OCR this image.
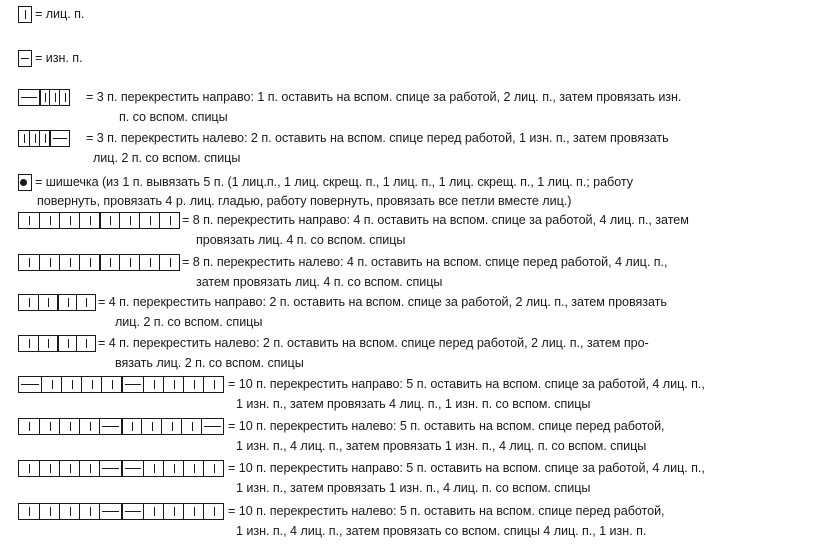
= лиц. п.
= изн. п.
= 3 п. перекрестить направо: 1 п. оставить на вспом. спице за работой, 2 лиц. п., затем провязать изн.
п. со вспом. спицы
= 3 п. перекрестить налево: 2 п. оставить на вспом. спице перед работой, 1 изн. п., затем провязать
лиц. 2 п. со вспом. спицы
= шишечка (из 1 п. вывязать 5 п. (1 лиц.п., 1 лиц. скрещ. п., 1 лиц. п., 1 лиц. скрещ. п., 1 лиц. п.; работу
повернуть, провязать 4 р. лиц. гладью, работу повернуть, провязать все петли вместе лиц.)
= 8 п. перекрестить направо: 4 п. оставить на вспом. спице за работой, 4 лиц. п., затем
провязать лиц. 4 п. со вспом. спицы
= 8 п. перекрестить налево: 4 п. оставить на вспом. спице перед работой, 4 лиц. п.,
затем провязать лиц. 4 п. со вспом. спицы
= 4 п. перекрестить направо: 2 п. оставить на вспом. спице за работой, 2 лиц. п., затем провязать
лиц. 2 п. со вспом. спицы
= 4 п. перекрестить налево: 2 п. оставить на вспом. спице перед работой, 2 лиц. п., затем про-
вязать лиц. 2 п. со вспом. спицы
= 10 п. перекрестить направо: 5 п. оставить на вспом. спице за работой, 4 лиц. п.,
1 изн. п., затем провязать 4 лиц. п., 1 изн. п. со вспом. спицы
= 10 п. перекрестить налево: 5 п. оставить на вспом. спице перед работой,
1 изн. п., 4 лиц. п., затем провязать 1 изн. п., 4 лиц. п. со вспом. спицы
= 10 п. перекрестить направо: 5 п. оставить на вспом. спице за работой, 4 лиц. п.,
1 изн. п., затем провязать 1 изн. п., 4 лиц. п. со вспом. спицы
= 10 п. перекрестить налево: 5 п. оставить на вспом. спице перед работой,
1 изн. п., 4 лиц. п., затем провязать со вспом. спицы 4 лиц. п., 1 изн. п.
